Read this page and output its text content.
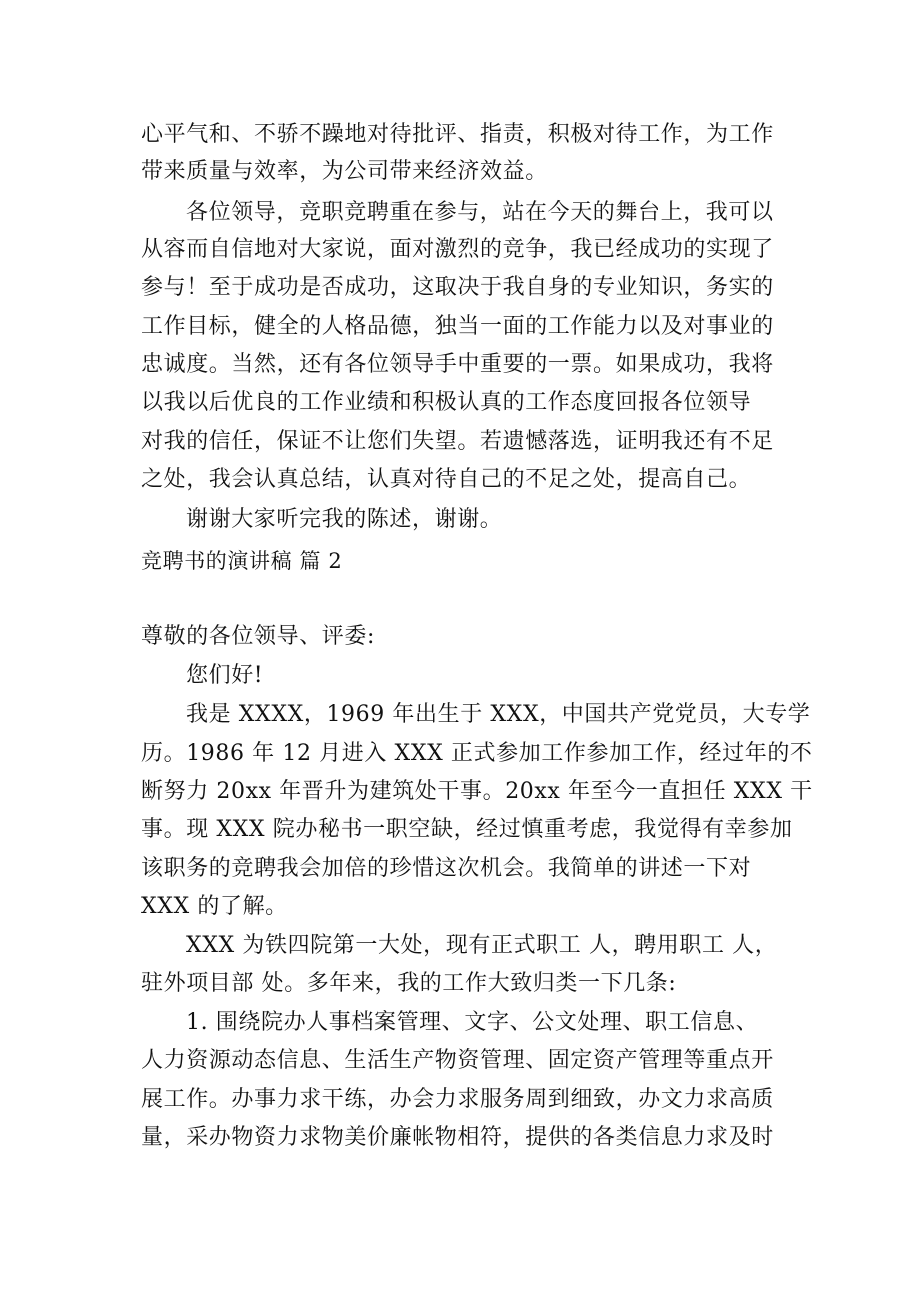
心平气和、不骄不躁地对待批评、指责，积极对待工作，为工作
带来质量与效率，为公司带来经济效益。
各位领导，竞职竞聘重在参与，站在今天的舞台上，我可以
从容而自信地对大家说，面对激烈的竞争，我已经成功的实现了
参与！至于成功是否成功，这取决于我自身的专业知识，务实的
工作目标，健全的人格品德，独当一面的工作能力以及对事业的
忠诚度。当然，还有各位领导手中重要的一票。如果成功，我将
以我以后优良的工作业绩和积极认真的工作态度回报各位领导
对我的信任，保证不让您们失望。若遗憾落选，证明我还有不足
之处，我会认真总结，认真对待自己的不足之处，提高自己。
谢谢大家听完我的陈述，谢谢。
竞聘书的演讲稿 篇 2
尊敬的各位领导、评委:
您们好!
我是 XXXX，1969 年出生于 XXX，中国共产党党员，大专学
历。1986 年 12 月进入 XXX 正式参加工作参加工作，经过年的不
断努力 20xx 年晋升为建筑处干事。20xx 年至今一直担任 XXX 干
事。现 XXX 院办秘书一职空缺，经过慎重考虑，我觉得有幸参加
该职务的竞聘我会加倍的珍惜这次机会。我简单的讲述一下对
XXX 的了解。
XXX 为铁四院第一大处，现有正式职工 人，聘用职工 人，
驻外项目部 处。多年来，我的工作大致归类一下几条:
1. 围绕院办人事档案管理、文字、公文处理、职工信息、
人力资源动态信息、生活生产物资管理、固定资产管理等重点开
展工作。办事力求干练，办会力求服务周到细致，办文力求高质
量，采办物资力求物美价廉帐物相符，提供的各类信息力求及时
